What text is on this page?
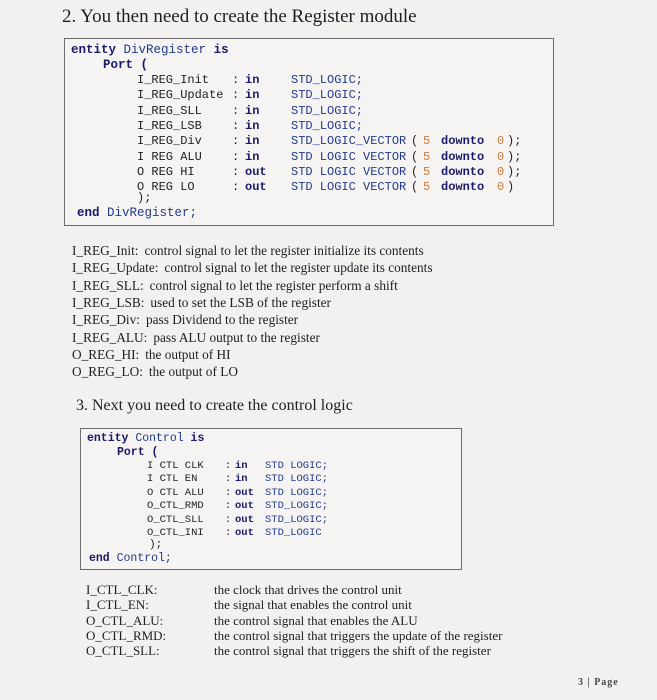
2. You then need to create the Register module
entity DivRegister is
Port (
I_REG_Init : in	STD_LOGIC;
I_REG_Update : in	STD_LOGIC;
I_REG_SLL	: in	STD_LOGIC;
I_REG_LSB	: in	STD_LOGIC;
I_REG_Div	: in	STD_LOGIC_VECTOR ( 5 downto 0 );
I REG ALU	: in	STD LOGIC VECTOR ( 5 downto 0 );
O REG HI	: out STD LOGIC VECTOR ( 5 downto 0 );
O REG LO	: out STD LOGIC VECTOR ( 5 downto 0 )
);
end DivRegister;
I_REG_Init: control signal to let the register initialize its contents
I_REG_Update: control signal to let the register update its contents
I_REG_SLL: control signal to let the register perform a shift
I_REG_LSB: used to set the LSB of the register
I_REG_Div: pass Dividend to the register
I_REG_ALU: pass ALU output to the register
O_REG_HI: the output of HI
O_REG_LO: the output of LO
3. Next you need to create the control logic
entity Control is
Port (
I CTL CLK : in STD LOGIC;
I CTL EN	: in STD LOGIC;
O CTL ALU : out STD LOGIC;
O_CTL_RMD : out STD_LOGIC;
O_CTL_SLL : out STD_LOGIC;
O_CTL_INI : out STD_LOGIC
);
end Control;
I_CTL_CLK:	the clock that drives the control unit
I_CTL_EN:	the signal that enables the control unit
O_CTL_ALU:	the control signal that enables the ALU
O_CTL_RMD:	the control signal that triggers the update of the register
O_CTL_SLL:	the control signal that triggers the shift of the register
3 | Page
